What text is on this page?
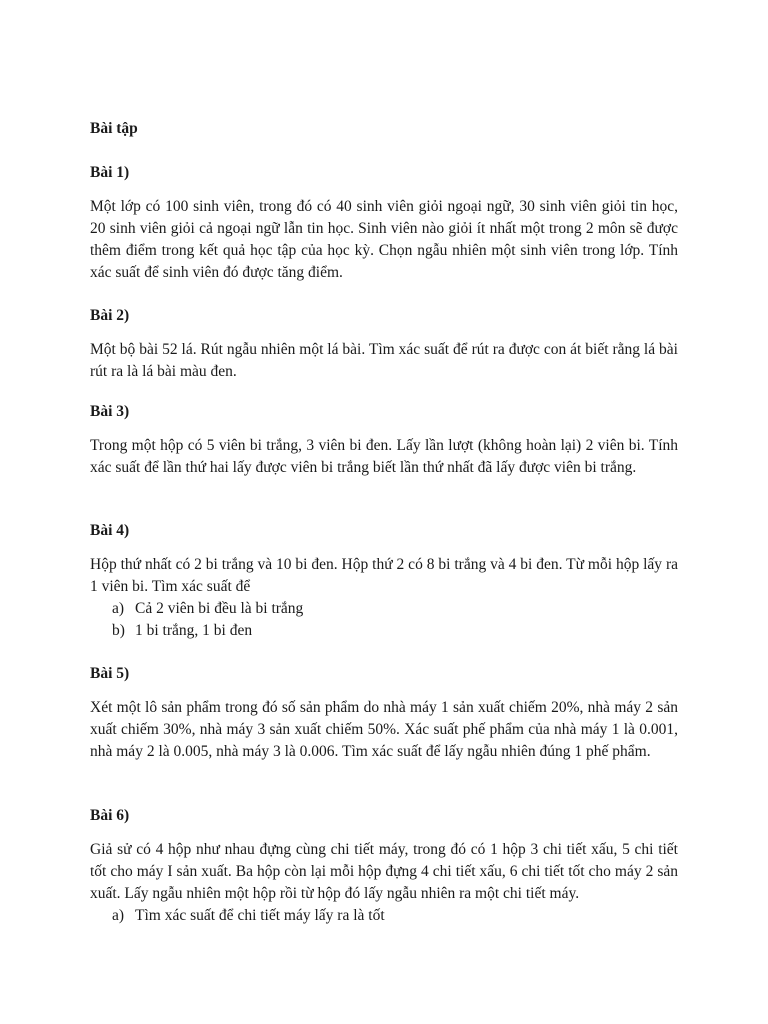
Bài tập

Bài 1)

Một lớp có 100 sinh viên, trong đó có 40 sinh viên giỏi ngoại ngữ, 30 sinh viên giỏi tin học, 20 sinh viên giỏi cả ngoại ngữ lẫn tin học. Sinh viên nào giỏi ít nhất một trong 2 môn sẽ được thêm điểm trong kết quả học tập của học kỳ. Chọn ngẫu nhiên một sinh viên trong lớp. Tính xác suất để sinh viên đó được tăng điểm.

Bài 2)

Một bộ bài 52 lá. Rút ngẫu nhiên một lá bài. Tìm xác suất để rút ra được con át biết rằng lá bài rút ra là lá bài màu đen.

Bài 3)

Trong một hộp có 5 viên bi trắng, 3 viên bi đen. Lấy lần lượt (không hoàn lại) 2 viên bi. Tính xác suất để lần thứ hai lấy được viên bi trắng biết lần thứ nhất đã lấy được viên bi trắng.

Bài 4)

Hộp thứ nhất có 2 bi trắng và 10 bi đen. Hộp thứ 2 có 8 bi trắng và 4 bi đen. Từ mỗi hộp lấy ra 1 viên bi. Tìm xác suất để

a) Cả 2 viên bi đều là bi trắng
b) 1 bi trắng, 1 bi đen

Bài 5)

Xét một lô sản phẩm trong đó số sản phẩm do nhà máy 1 sản xuất chiếm 20%, nhà máy 2 sản xuất chiếm 30%, nhà máy 3 sản xuất chiếm 50%. Xác suất phế phẩm của nhà máy 1 là 0.001, nhà máy 2 là 0.005, nhà máy 3 là 0.006. Tìm xác suất để lấy ngẫu nhiên đúng 1 phế phẩm.

Bài 6)

Giả sử có 4 hộp như nhau đựng cùng chi tiết máy, trong đó có 1 hộp 3 chi tiết xấu, 5 chi tiết tốt cho máy I sản xuất. Ba hộp còn lại mỗi hộp đựng 4 chi tiết xấu, 6 chi tiết tốt cho máy 2 sản xuất. Lấy ngẫu nhiên một hộp rồi từ hộp đó lấy ngẫu nhiên ra một chi tiết máy.

a) Tìm xác suất để chi tiết máy lấy ra là tốt
